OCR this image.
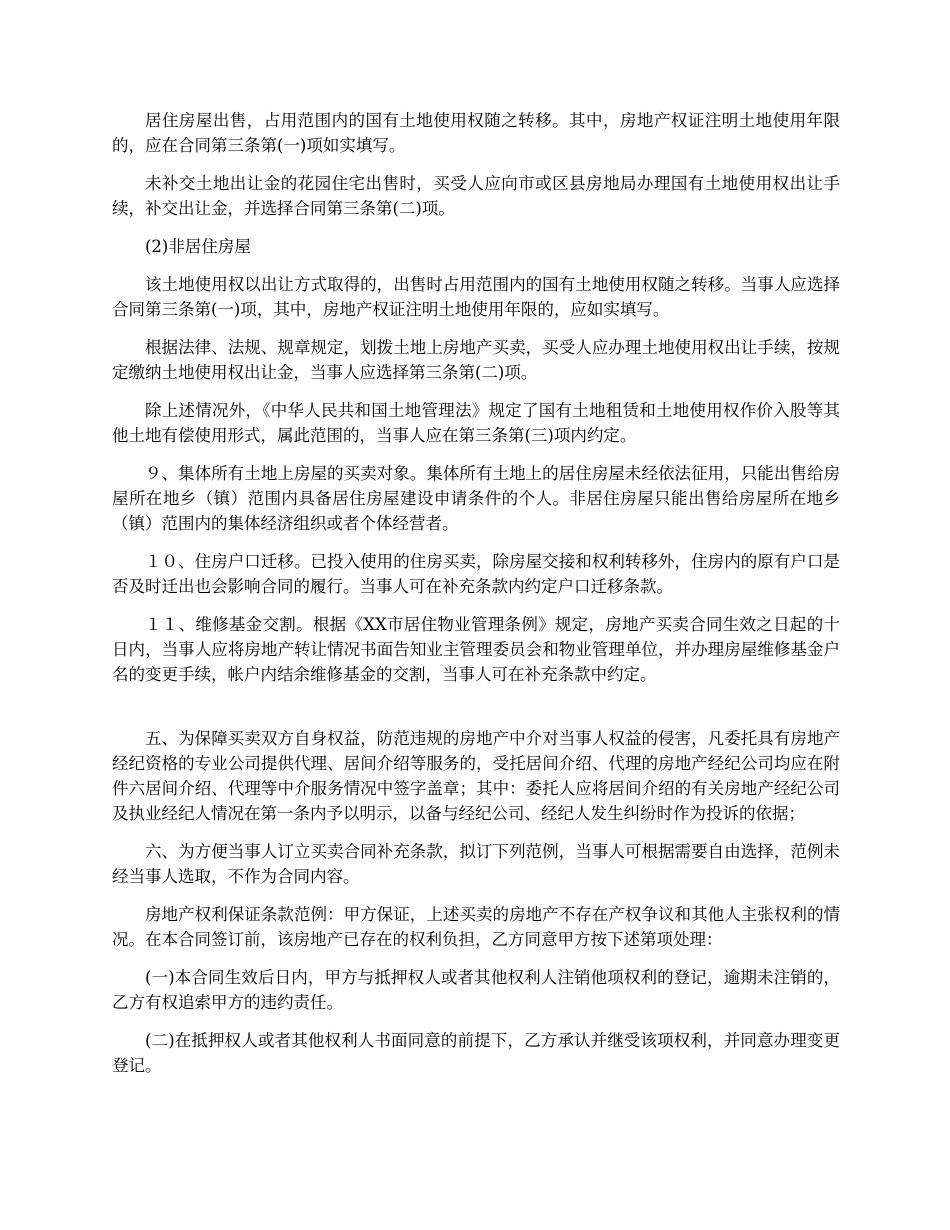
居住房屋出售，占用范围内的国有土地使用权随之转移。其中，房地产权证注明土地使用年限的，应在合同第三条第(一)项如实填写。

未补交土地出让金的花园住宅出售时，买受人应向市或区县房地局办理国有土地使用权出让手续，补交出让金，并选择合同第三条第(二)项。

(2)非居住房屋

该土地使用权以出让方式取得的，出售时占用范围内的国有土地使用权随之转移。当事人应选择合同第三条第(一)项，其中，房地产权证注明土地使用年限的，应如实填写。

根据法律、法规、规章规定，划拨土地上房地产买卖，买受人应办理土地使用权出让手续，按规定缴纳土地使用权出让金，当事人应选择第三条第(二)项。

除上述情况外，《中华人民共和国土地管理法》规定了国有土地租赁和土地使用权作价入股等其他土地有偿使用形式，属此范围的，当事人应在第三条第(三)项内约定。

９、集体所有土地上房屋的买卖对象。集体所有土地上的居住房屋未经依法征用，只能出售给房屋所在地乡（镇）范围内具备居住房屋建设申请条件的个人。非居住房屋只能出售给房屋所在地乡（镇）范围内的集体经济组织或者个体经营者。

１０、住房户口迁移。已投入使用的住房买卖，除房屋交接和权利转移外，住房内的原有户口是否及时迁出也会影响合同的履行。当事人可在补充条款内约定户口迁移条款。

１１、维修基金交割。根据《XX市居住物业管理条例》规定，房地产买卖合同生效之日起的十日内，当事人应将房地产转让情况书面告知业主管理委员会和物业管理单位，并办理房屋维修基金户名的变更手续，帐户内结余维修基金的交割，当事人可在补充条款中约定。

五、为保障买卖双方自身权益，防范违规的房地产中介对当事人权益的侵害，凡委托具有房地产经纪资格的专业公司提供代理、居间介绍等服务的，受托居间介绍、代理的房地产经纪公司均应在附件六居间介绍、代理等中介服务情况中签字盖章；其中：委托人应将居间介绍的有关房地产经纪公司及执业经纪人情况在第一条内予以明示，以备与经纪公司、经纪人发生纠纷时作为投诉的依据；

六、为方便当事人订立买卖合同补充条款，拟订下列范例，当事人可根据需要自由选择，范例未经当事人选取，不作为合同内容。

房地产权利保证条款范例：甲方保证，上述买卖的房地产不存在产权争议和其他人主张权利的情况。在本合同签订前，该房地产已存在的权利负担，乙方同意甲方按下述第项处理：

(一)本合同生效后日内，甲方与抵押权人或者其他权利人注销他项权利的登记，逾期未注销的，乙方有权追索甲方的违约责任。

(二)在抵押权人或者其他权利人书面同意的前提下，乙方承认并继受该项权利，并同意办理变更登记。
